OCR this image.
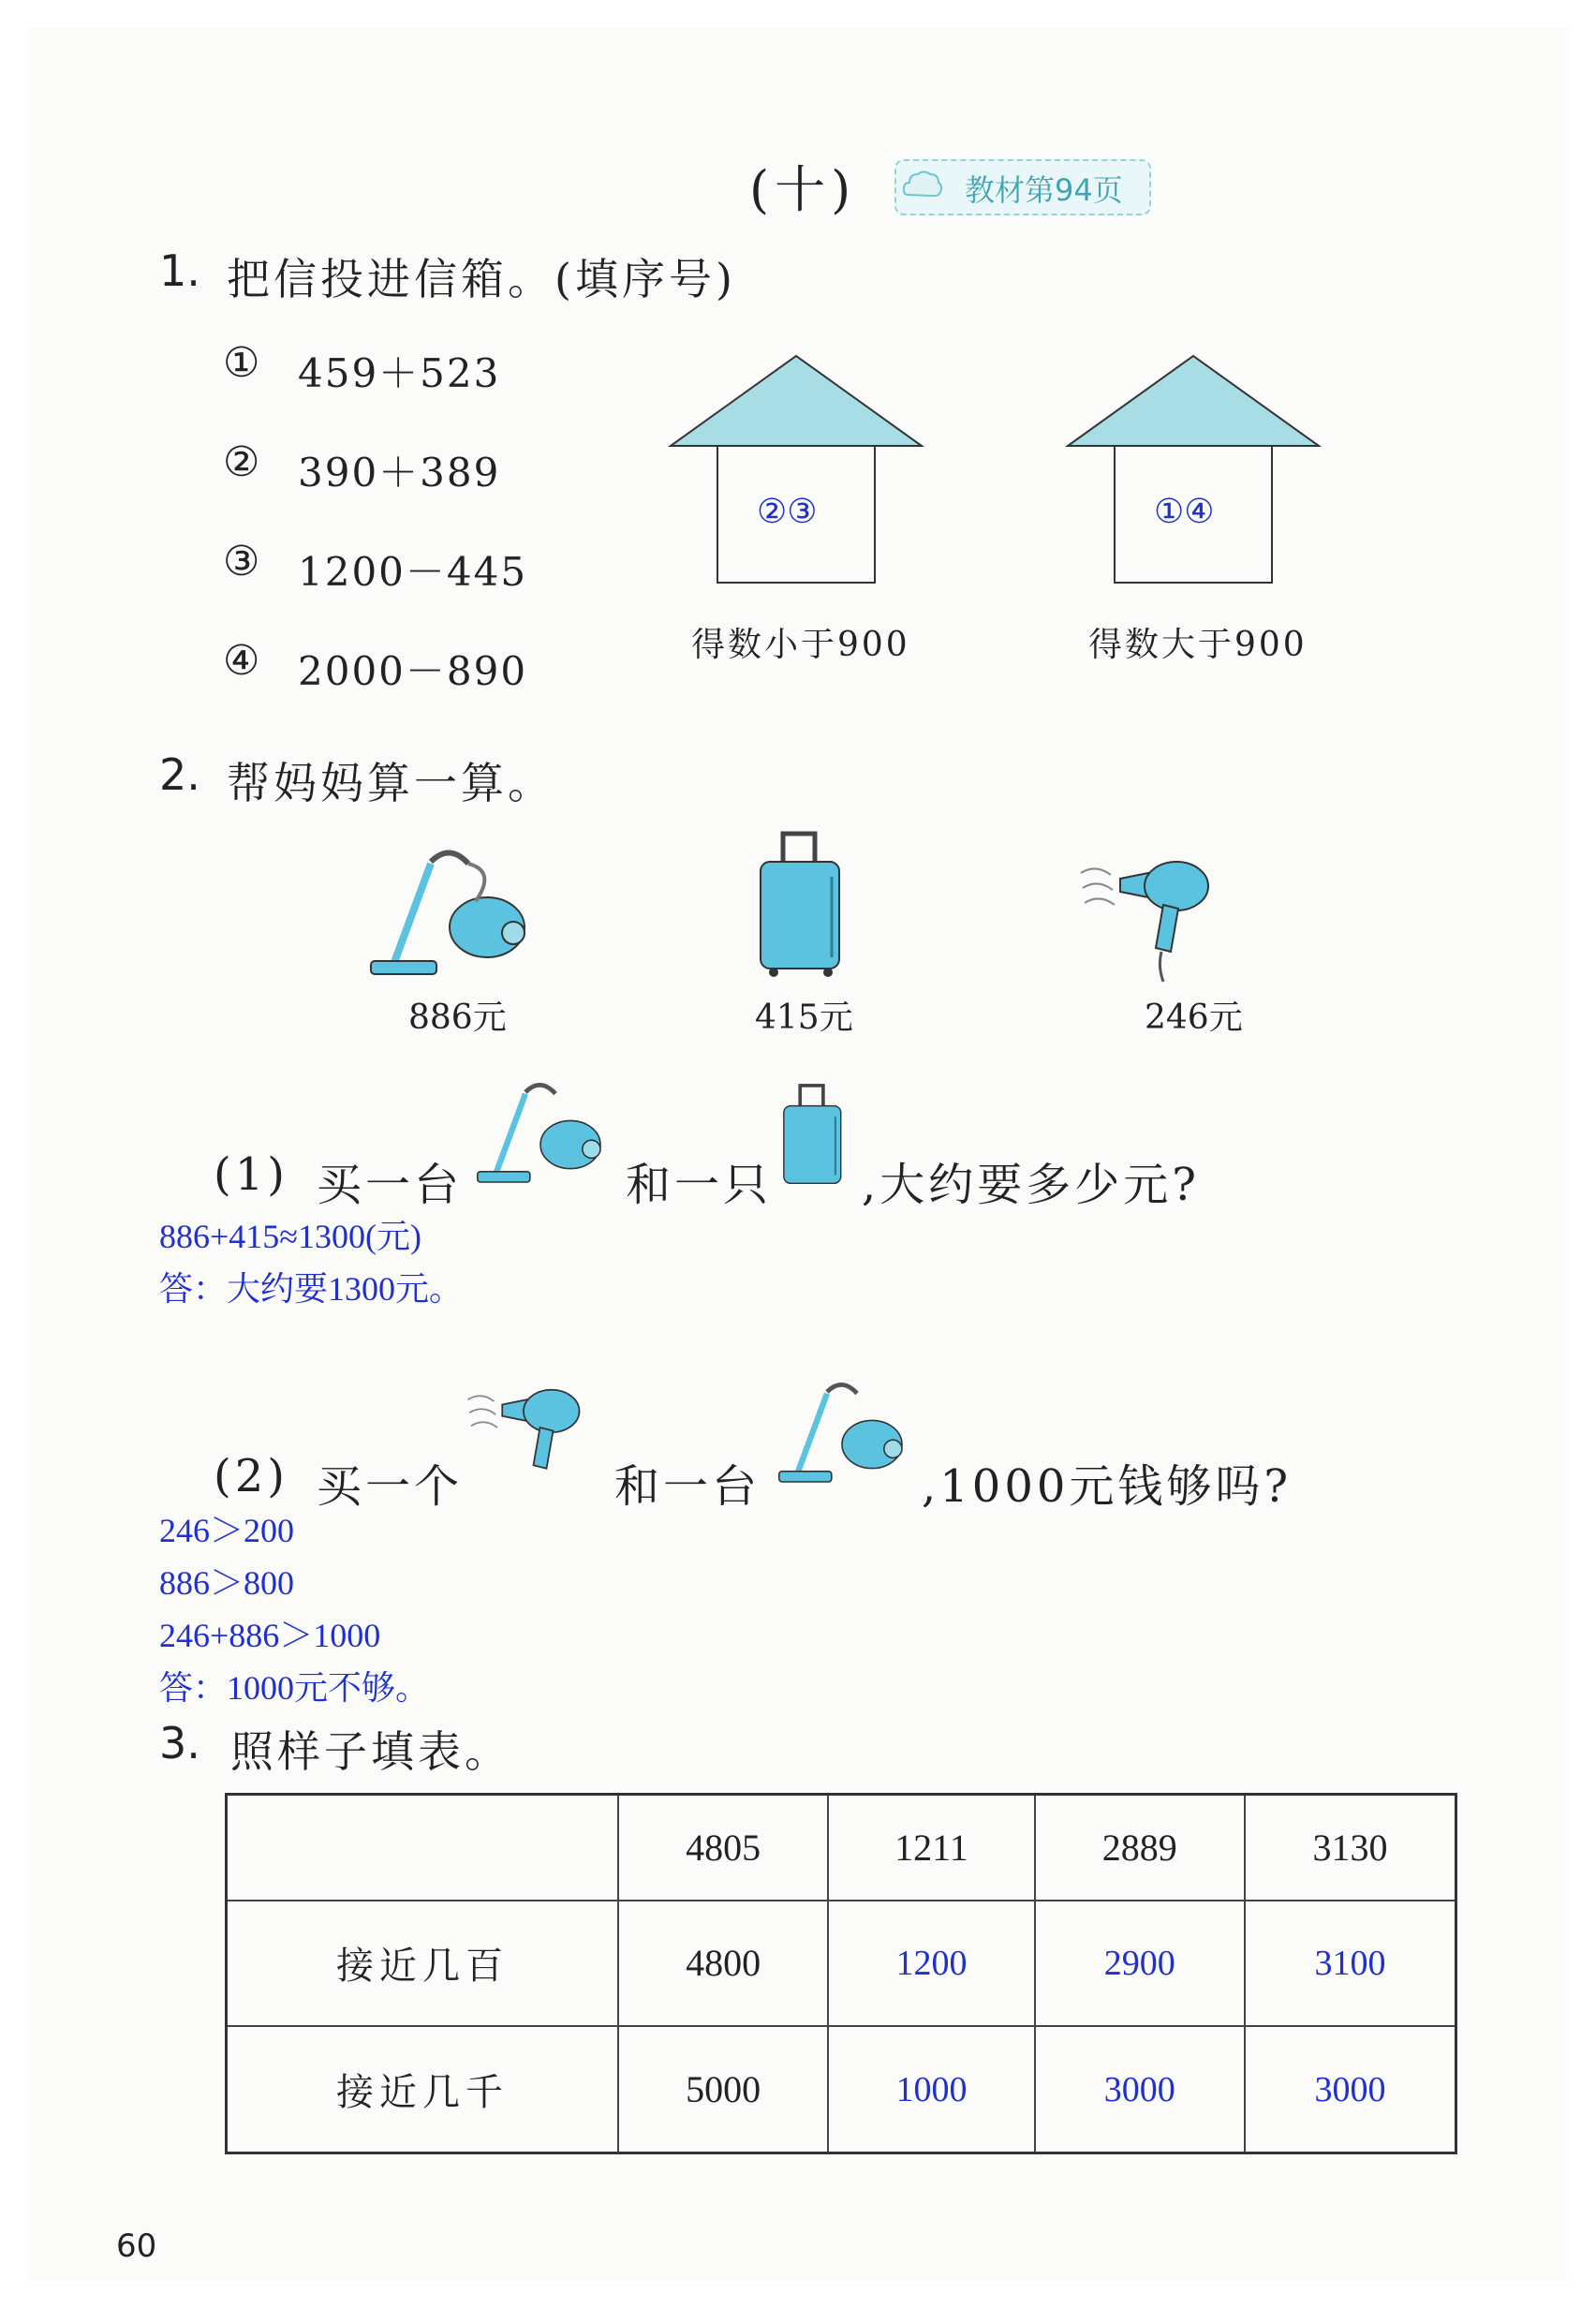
(十)	教材第94页
1. 把信投进信箱。(填序号)
① 459＋523
② 390＋389
③ 1200－445
④ 2000－890
②③
得数小于900
①④
得数大于900
2. 帮妈妈算一算。
886元	415元	246元
(1) 买一台	和一只 ,大约要多少元?
886+415≈1300(元)
答：大约要1300元。
(2) 买一个	和一台	,1000元钱够吗?
246＞200
886＞800
246+886＞1000
答：1000元不够。
3. 照样子填表。
	4805	1211	2889	3130
接近几百	4800	1200	2900	3100
接近几千	5000	1000	3000	3000
60
